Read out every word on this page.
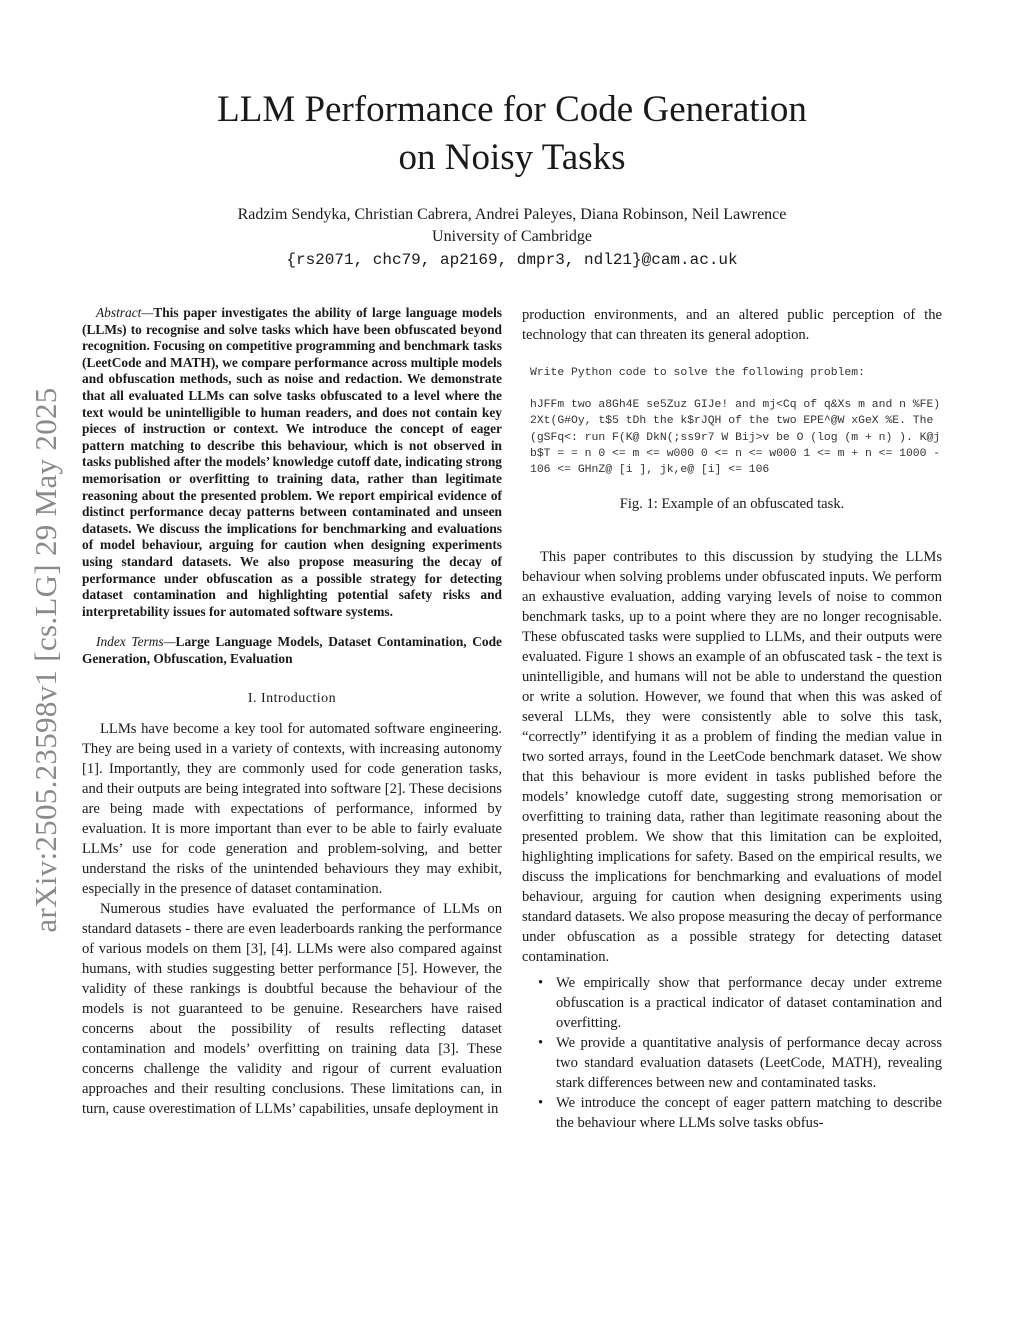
arXiv:2505.23598v1 [cs.LG] 29 May 2025
LLM Performance for Code Generation
on Noisy Tasks
Radzim Sendyka, Christian Cabrera, Andrei Paleyes, Diana Robinson, Neil Lawrence
University of Cambridge
{rs2071, chc79, ap2169, dmpr3, ndl21}@cam.ac.uk

Abstract—This paper investigates the ability of large language models (LLMs) to recognise and solve tasks which have been obfuscated beyond recognition. Focusing on competitive programming and benchmark tasks (LeetCode and MATH), we compare performance across multiple models and obfuscation methods, such as noise and redaction. We demonstrate that all evaluated LLMs can solve tasks obfuscated to a level where the text would be unintelligible to human readers, and does not contain key pieces of instruction or context. We introduce the concept of eager pattern matching to describe this behaviour, which is not observed in tasks published after the models’ knowledge cutoff date, indicating strong memorisation or overfitting to training data, rather than legitimate reasoning about the presented problem. We report empirical evidence of distinct performance decay patterns between contaminated and unseen datasets. We discuss the implications for benchmarking and evaluations of model behaviour, arguing for caution when designing experiments using standard datasets. We also propose measuring the decay of performance under obfuscation as a possible strategy for detecting dataset contamination and highlighting potential safety risks and interpretability issues for automated software systems.

Index Terms—Large Language Models, Dataset Contamination, Code Generation, Obfuscation, Evaluation

I. Introduction

LLMs have become a key tool for automated software engineering. They are being used in a variety of contexts, with increasing autonomy [1]. Importantly, they are commonly used for code generation tasks, and their outputs are being integrated into software [2]. These decisions are being made with expectations of performance, informed by evaluation. It is more important than ever to be able to fairly evaluate LLMs’ use for code generation and problem-solving, and better understand the risks of the unintended behaviours they may exhibit, especially in the presence of dataset contamination.

Numerous studies have evaluated the performance of LLMs on standard datasets - there are even leaderboards ranking the performance of various models on them [3], [4]. LLMs were also compared against humans, with studies suggesting better performance [5]. However, the validity of these rankings is doubtful because the behaviour of the models is not guaranteed to be genuine. Researchers have raised concerns about the possibility of results reflecting dataset contamination and models’ overfitting on training data [3]. These concerns challenge the validity and rigour of current evaluation approaches and their resulting conclusions. These limitations can, in turn, cause overestimation of LLMs’ capabilities, unsafe deployment in

production environments, and an altered public perception of the technology that can threaten its general adoption.

Write Python code to solve the following problem:
hJFFm two a8Gh4E se5Zuz GIJe! and mj<Cq of q&Xs m and n %FE)2Xt(G#Oy, t$5 tDh the k$rJQH of the two EPE^@W xGeX %E. The (gSFq<: run F(K@ DkN(;ss9r7 W Bij>v be O (log (m + n) ). K@jb$T = = n 0 <= m <= w000 0 <= n <= w000 1 <= m + n <= 1000 - 106 <= GHnZ@ [i ], jk,e@ [i] <= 106
Fig. 1: Example of an obfuscated task.

This paper contributes to this discussion by studying the LLMs behaviour when solving problems under obfuscated inputs. We perform an exhaustive evaluation, adding varying levels of noise to common benchmark tasks, up to a point where they are no longer recognisable. These obfuscated tasks were supplied to LLMs, and their outputs were evaluated. Figure 1 shows an example of an obfuscated task - the text is unintelligible, and humans will not be able to understand the question or write a solution. However, we found that when this was asked of several LLMs, they were consistently able to solve this task, “correctly” identifying it as a problem of finding the median value in two sorted arrays, found in the LeetCode benchmark dataset. We show that this behaviour is more evident in tasks published before the models’ knowledge cutoff date, suggesting strong memorisation or overfitting to training data, rather than legitimate reasoning about the presented problem. We show that this limitation can be exploited, highlighting implications for safety. Based on the empirical results, we discuss the implications for benchmarking and evaluations of model behaviour, arguing for caution when designing experiments using standard datasets. We also propose measuring the decay of performance under obfuscation as a possible strategy for detecting dataset contamination.

• We empirically show that performance decay under extreme obfuscation is a practical indicator of dataset contamination and overfitting.
• We provide a quantitative analysis of performance decay across two standard evaluation datasets (LeetCode, MATH), revealing stark differences between new and contaminated tasks.
• We introduce the concept of eager pattern matching to describe the behaviour where LLMs solve tasks obfus-
